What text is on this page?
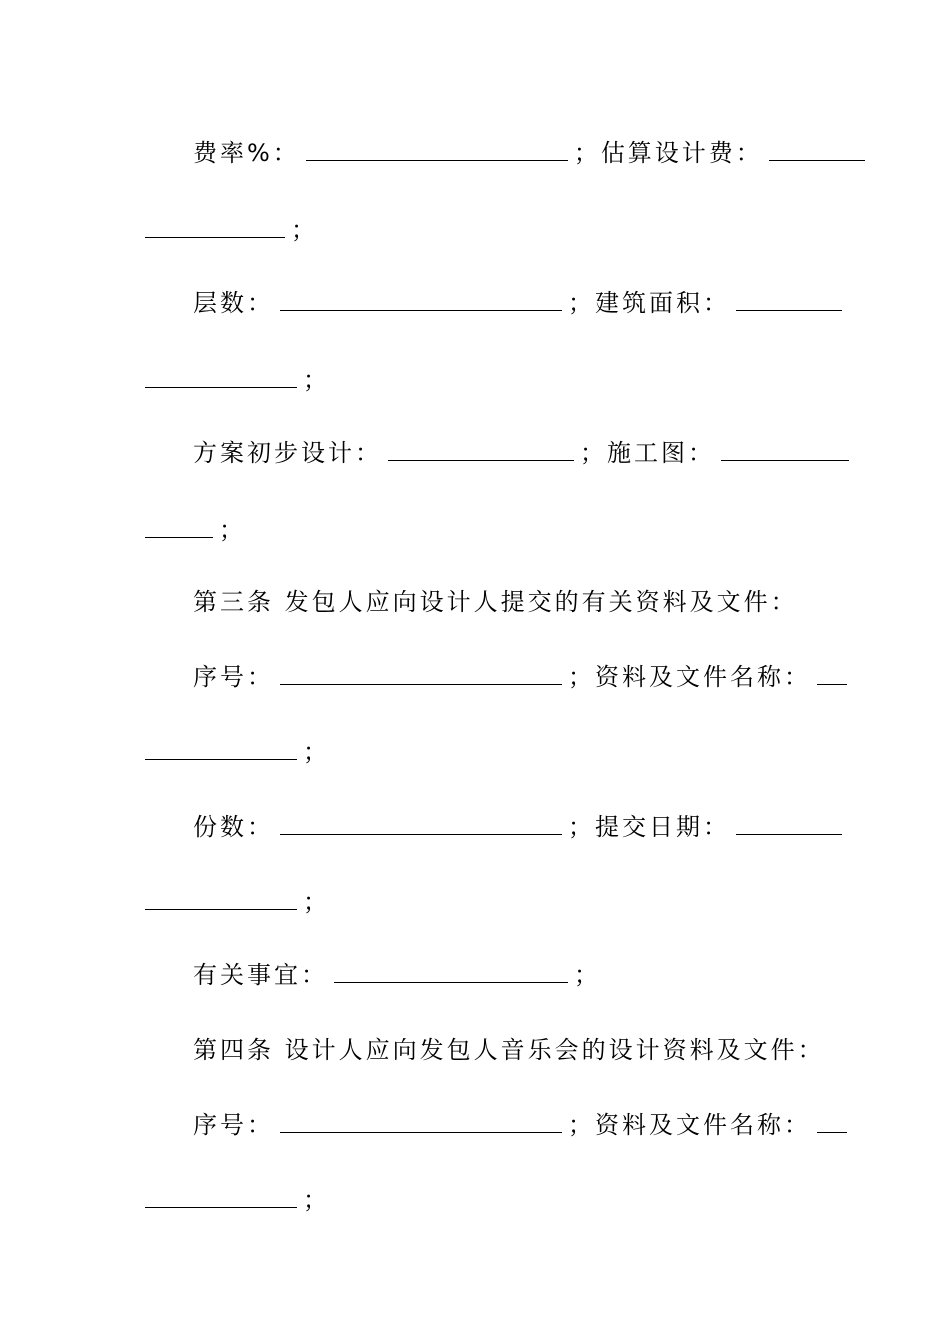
费率%：	； 估算设计费：
；
层数：	； 建筑面积：
；
方案初步设计：	； 施工图：
；
第三条 发包人应向设计人提交的有关资料及文件：
序号：	； 资料及文件名称：
；
份数：	； 提交日期：
；
有关事宜：	；
第四条 设计人应向发包人音乐会的设计资料及文件：
序号：	； 资料及文件名称：
；
